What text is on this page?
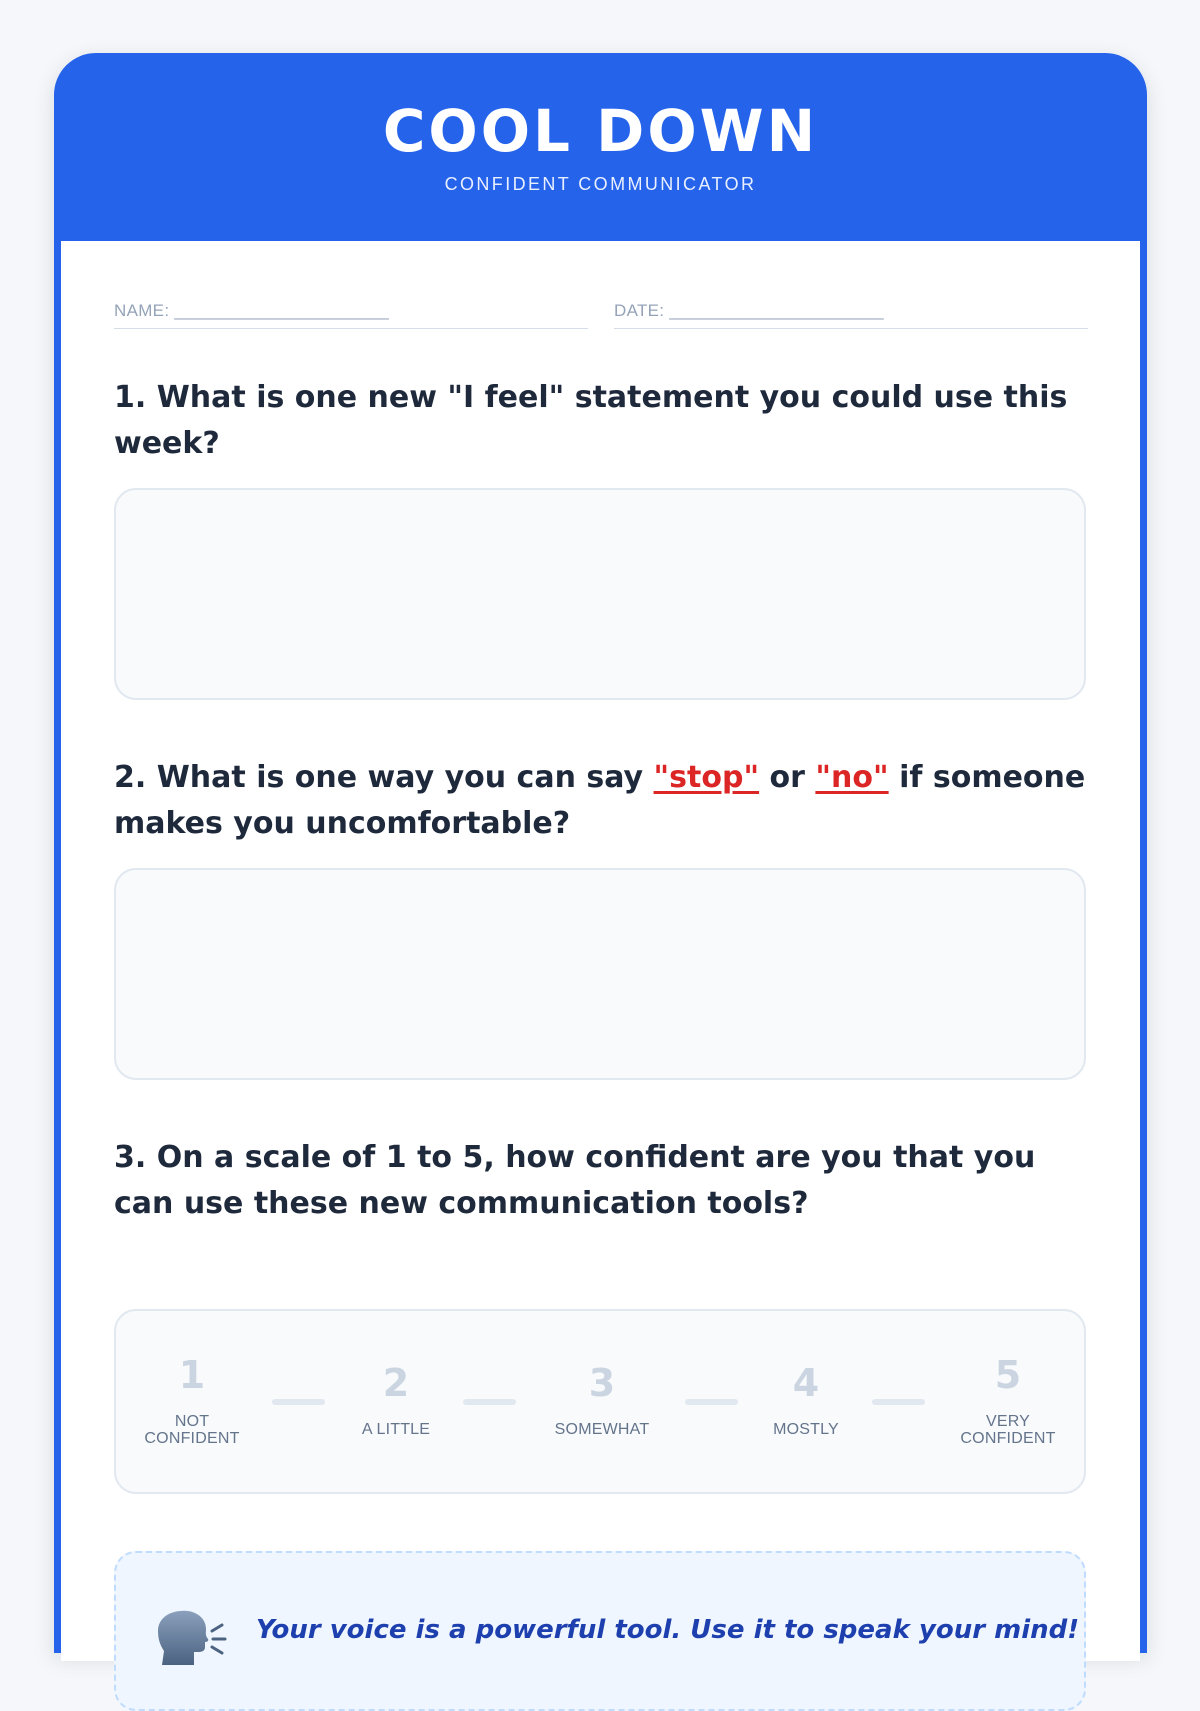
COOL DOWN
CONFIDENT COMMUNICATOR
NAME: ______________________	DATE: ______________________
1. What is one new "I feel" statement you could use this week?
2. What is one way you can say "stop" or "no" if someone makes you uncomfortable?
3. On a scale of 1 to 5, how confident are you that you can use these new communication tools?
1
NOT CONFIDENT
2
A LITTLE
3
SOMEWHAT
4
MOSTLY
5
VERY CONFIDENT
Your voice is a powerful tool. Use it to speak your mind!
